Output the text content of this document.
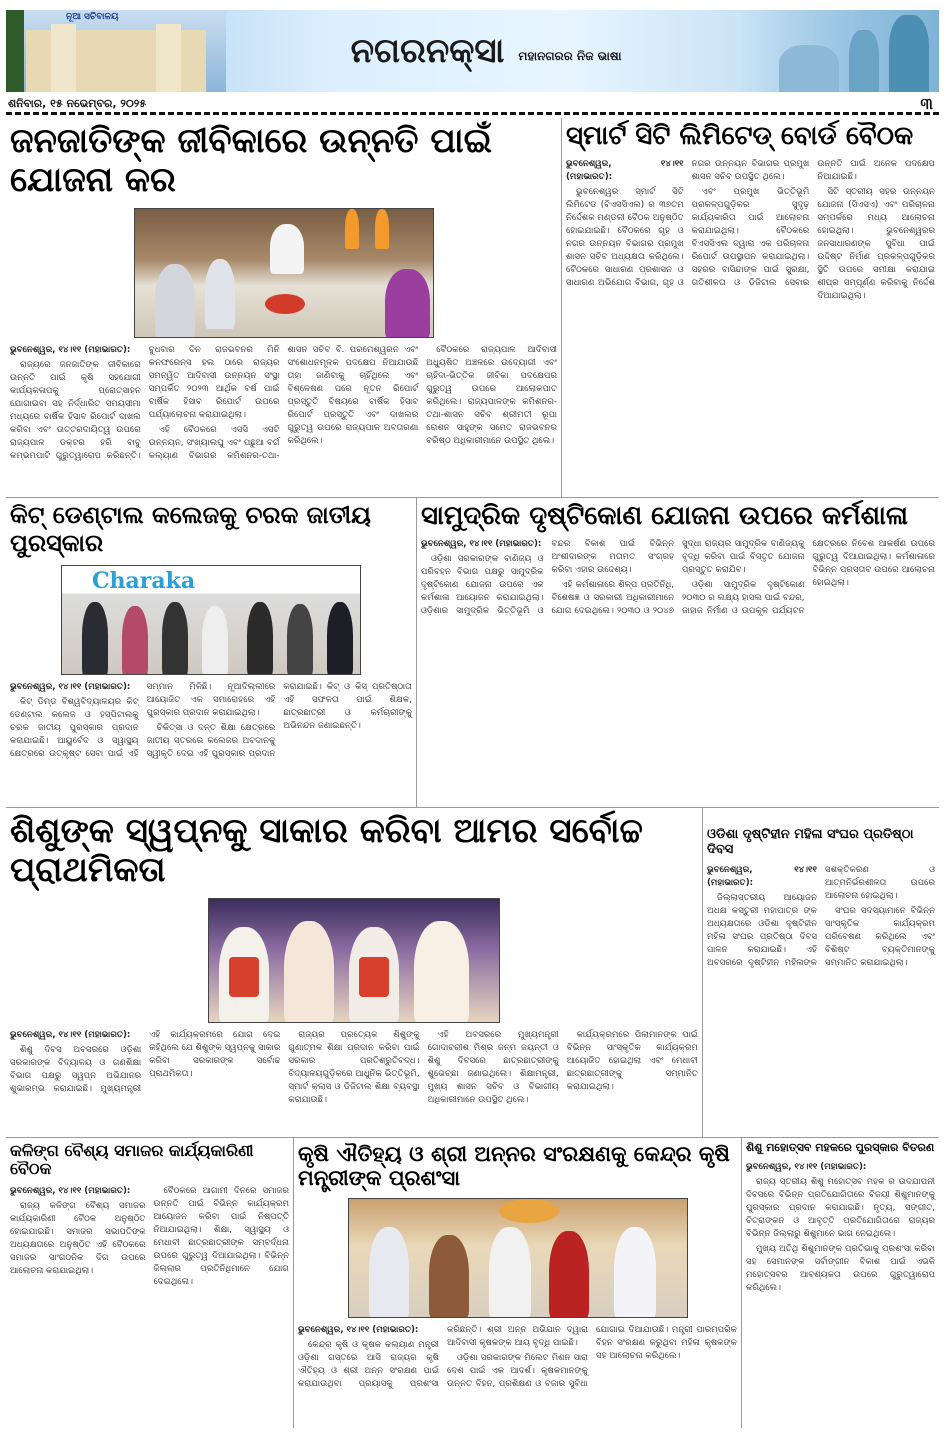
ନୂଆ ସଚିବାଳୟ
ନଗରନକ୍ସା ମହାନଗରର ନିଜ ଭାଷା
ଶନିବାର, ୧୫ ନଭେମ୍ବର, ୨୦୨୫	୩
ଜନଜାତିଙ୍କ ଜୀବିକାରେ ଉନ୍ନତି ପାଇଁ ଯୋଜନା କର

ଭୁବନେଶ୍ୱର, ୧୪।୧୧ (ମହାଭାରତ):

ରାଜ୍ୟରେ ଜନଜାତିଙ୍କ ଜୀବିକାରେ ଉନ୍ନତି ପାଇଁ କୃଷି ସହଯୋଗୀ କାର୍ଯ୍ୟକଳାପକୁ ପ୍ରୋତ୍ସାହନ ଯୋଗାଇବା ସହ ନିର୍ଦ୍ଧାରିତ ସମୟସୀମା ମଧ୍ୟରେ ବାର୍ଷିକ ହିସାବ ରିପୋର୍ଟ ଦାଖଲ କରିବା ଏବଂ ଉତ୍ତରଦାୟିତ୍ୱ ଉପରେ ରାଜ୍ୟପାଳ ଡକ୍ଟର ହରି ବାବୁ କମ୍ଭମପାଟି ଗୁରୁତ୍ୱାରୋପ କରିଛନ୍ତି। ବୁଧବାର ଦିନ ରାଜଭବନର ମିନି କନଫରେନ୍ସ ହଲ ଠାରେ ରାଜ୍ୟର ସମନ୍ୱିତ ଆଦିବାସୀ ଉନ୍ନୟନ ସଂସ୍ଥା ସମ୍ପର୍କିତ ୨୦୨୩ ଆର୍ଥିକ ବର୍ଷ ପାଇଁ ବାର୍ଷିକ ହିସାବ ରିପୋର୍ଟ ଉପରେ ପର୍ଯ୍ୟାଲୋଚନା କରାଯାଇଥିଲା।

ଏହି ବୈଠକରେ ଏସସି ଏସଟି ଉନ୍ନୟନ, ସଂଖ୍ୟାଲଘୁ ଏବଂ ପଛୁଆ ବର୍ଗ କଲ୍ୟାଣ ବିଭାଗର କମିଶନର-ତଥା-ଶାସନ ସଚିବ ବି. ପରମେଶ୍ୱରନ ଏବଂ ସଂଶୋଧନମୂଳକ ପଦକ୍ଷେପ ନିଆଯାଉଛି ତାହା ଜାଣିବାକୁ ଚାହିଁଥିଲେ ଏବଂ ବିଶ୍ଳେଷଣ ପରେ ନୂତନ ରିପୋର୍ଟ ପ୍ରସ୍ତୁତି ବିଷୟରେ ବାର୍ଷିକ ହିସାବ ରିପୋର୍ଟ ପ୍ରସ୍ତୁତି ଏବଂ ଦାଖଲର ଗୁରୁତ୍ୱ ଉପରେ ରାଜ୍ୟପାଳ ଅବତାରଣା କରିଥିଲେ।

ବୈଠକରେ ରାଜ୍ୟପାଳ ଆଦିବାସୀ ଅଧ୍ୟୁଷିତ ଅଞ୍ଚଳରେ ଉଦ୍ୟୋଗୀ ଏବଂ ଚାହିଦା-ଭିତ୍ତିକ ଜୀବିକା ପଦକ୍ଷେପର ଗୁରୁତ୍ୱ ଉପରେ ଆଲୋକପାତ କରିଥିଲେ। ରାଜ୍ୟପାଳଙ୍କ କମିଶନର-ତଥା-ଶାସନ ସଚିବ ଶ୍ରୀମତୀ ରୂପା ରୋଶନ ସାହୁଙ୍କ ସମେତ ରାଜଭବନର ବରିଷ୍ଠ ଅଧିକାରୀମାନେ ଉପସ୍ଥିତ ଥିଲେ।

ସ୍ମାର୍ଟ ସିଟି ଲିମିଟେଡ୍ ବୋର୍ଡ ବୈଠକ

ଭୁବନେଶ୍ୱର, ୧୪।୧୧ (ମହାଭାରତ):

ଭୁବନେଶ୍ୱର ସ୍ମାର୍ଟ ସିଟି ଲିମିଟେଡ (ବିଏସସିଏଲ) ର ୩୭ତମ ନିର୍ଦ୍ଦେଶକ ମଣ୍ଡଳୀ ବୈଠକ ଅନୁଷ୍ଠିତ ହୋଇଯାଇଛି। ବୈଠକରେ ଗୃହ ଓ ନଗର ଉନ୍ନୟନ ବିଭାଗର ପ୍ରମୁଖ ଶାସନ ସଚିବ ଅଧ୍ୟକ୍ଷତା କରିଥିଲେ। ବୈଠକରେ ସାଧାରଣ ପ୍ରଶାସନ ଓ ସାଧାରଣ ଅଭିଯୋଗ ବିଭାଗ, ଗୃହ ଓ ନଗର ଉନ୍ନୟନ ବିଭାଗର ପ୍ରମୁଖ ଶାସନ ସଚିବ ଉପସ୍ଥିତ ଥିଲେ।

ଏବଂ ପ୍ରମୁଖ ଭିତ୍ତିଭୂମି ପ୍ରକଳ୍ପଗୁଡ଼ିକର ସୁଦୃଢ଼ କାର୍ଯ୍ୟକାରିତା ପାଇଁ ଆଲୋଚନା କରାଯାଇଥିଲା। ବୈଠକରେ ବିଏସସିଏଲ ଦ୍ୱାରା ଏକ ପରିଚାଳନା ରିପୋର୍ଟ ଉପସ୍ଥାପନ କରାଯାଇଥିଲା। ସହରର ବାସିନ୍ଦାଙ୍କ ପାଇଁ ସୁରକ୍ଷା, ଗତିଶୀଳତା ଓ ଡିଜିଟାଲ ସେବାର ଉନ୍ନତି ପାଇଁ ଅନେକ ପଦକ୍ଷେପ ନିଆଯାଇଛି।

ସିଟି ସ୍ତରୀୟ ସହର ଉନ୍ନୟନ ଯୋଜନା (ସିଏସଏ) ଏବଂ ପରିଚାଳନା ସମ୍ପର୍କରେ ମଧ୍ୟ ଆଲୋଚନା ହୋଇଥିଲା। ଭୁବନେଶ୍ୱରର ଜନସାଧାରଣଙ୍କ ସୁବିଧା ପାଇଁ ଉଦ୍ଦିଷ୍ଟ ନିର୍ମାଣ ପ୍ରକଳ୍ପଗୁଡ଼ିକର ସ୍ଥିତି ଉପରେ ସମୀକ୍ଷା କରାଯାଇ ଶୀଘ୍ର ସମ୍ପୂର୍ଣ୍ଣ କରିବାକୁ ନିର୍ଦ୍ଦେଶ ଦିଆଯାଇଥିଲା।

କିଟ୍ ଡେଣ୍ଟାଲ କଲେଜକୁ ଚରକ ଜାତୀୟ ପୁରସ୍କାର
Charaka

ଭୁବନେଶ୍ୱର, ୧୪।୧୧ (ମହାଭାରତ):

କିଟ୍ ଡିମ୍ଡ ବିଶ୍ୱବିଦ୍ୟାଳୟର କିଟ୍ ଡେଣ୍ଟାଲ କଲେଜ ଓ ହସ୍ପିଟାଲକୁ ଚରକ ଜାତୀୟ ପୁରସ୍କାର ପ୍ରଦାନ କରାଯାଇଛି। ଆୟୁର୍ବେଦ ଓ ସ୍ୱାସ୍ଥ୍ୟ କ୍ଷେତ୍ରରେ ଉତ୍କୃଷ୍ଟ ସେବା ପାଇଁ ଏହି ସମ୍ମାନ ମିଳିଛି। ନୂଆଦିଲ୍ଲୀରେ ଆୟୋଜିତ ଏକ ସମାରୋହରେ ଏହି ପୁରସ୍କାର ପ୍ରଦାନ କରାଯାଇଥିଲା।

ଚିକିତ୍ସା ଓ ଦନ୍ତ ଶିକ୍ଷା କ୍ଷେତ୍ରରେ ଜାତୀୟ ସ୍ତରରେ କଲେଜର ଅବଦାନକୁ ସ୍ୱୀକୃତି ଦେଇ ଏହି ପୁରସ୍କାର ପ୍ରଦାନ କରାଯାଇଛି। କିଟ୍ ଓ କିସ୍ ପ୍ରତିଷ୍ଠାତା ଏହି ସଫଳତା ପାଇଁ ଶିକ୍ଷକ, ଛାତ୍ରଛାତ୍ରୀ ଓ କର୍ମଚାରୀଙ୍କୁ ଅଭିନନ୍ଦନ ଜଣାଇଛନ୍ତି।

ସାମୁଦ୍ରିକ ଦୃଷ୍ଟିକୋଣ ଯୋଜନା ଉପରେ କର୍ମଶାଳା

ଭୁବନେଶ୍ୱର, ୧୪।୧୧ (ମହାଭାରତ):

ଓଡ଼ିଶା ସରକାରଙ୍କ ବାଣିଜ୍ୟ ଓ ପରିବହନ ବିଭାଗ ପକ୍ଷରୁ ସାମୁଦ୍ରିକ ଦୃଷ୍ଟିକୋଣ ଯୋଜନା ଉପରେ ଏକ କର୍ମଶାଳା ଆୟୋଜନ କରାଯାଇଥିଲା। ଓଡ଼ିଶାର ସାମୁଦ୍ରିକ ଭିତ୍ତିଭୂମି ଓ ବନ୍ଦର ବିକାଶ ପାଇଁ ବିଭିନ୍ନ ଅଂଶୀଦାରଙ୍କ ମତାମତ ସଂଗ୍ରହ କରିବା ଏହାର ଉଦ୍ଦେଶ୍ୟ।

ଏହି କର୍ମଶାଳାରେ ଶିଳ୍ପ ପ୍ରତିନିଧି, ବିଶେଷଜ୍ଞ ଓ ସରକାରୀ ଅଧିକାରୀମାନେ ଯୋଗ ଦେଇଥିଲେ। ୨୦୩୦ ଓ ୨୦୪୭ ସୁଦ୍ଧା ରାଜ୍ୟର ସାମୁଦ୍ରିକ ବାଣିଜ୍ୟକୁ ବୃଦ୍ଧି କରିବା ପାଇଁ ବିସ୍ତୃତ ଯୋଜନା ପ୍ରସ୍ତୁତ କରାଯିବ।

ଓଡ଼ିଶା ସାମୁଦ୍ରିକ ଦୃଷ୍ଟିକୋଣ ୨୦୩୦ ର ଲକ୍ଷ୍ୟ ହାସଲ ପାଇଁ ବନ୍ଦର, ଜାହାଜ ନିର୍ମାଣ ଓ ଉପକୂଳ ପର୍ଯ୍ୟଟନ କ୍ଷେତ୍ରରେ ନିବେଶ ଆକର୍ଷଣ ଉପରେ ଗୁରୁତ୍ୱ ଦିଆଯାଇଥିଲା। କର୍ମଶାଳାରେ ବିଭିନ୍ନ ପ୍ରସ୍ତାବ ଉପରେ ଆଲୋଚନା ହୋଇଥିଲା।

ଶିଶୁଙ୍କ ସ୍ୱପ୍ନକୁ ସାକାର କରିବା ଆମର ସର୍ବୋଚ୍ଚ ପ୍ରାଥମିକତା

ଭୁବନେଶ୍ୱର, ୧୪।୧୧ (ମହାଭାରତ):

ଶିଶୁ ଦିବସ ଅବସରରେ ଓଡ଼ିଶା ସରକାରଙ୍କ ବିଦ୍ୟାଳୟ ଓ ଗଣଶିକ୍ଷା ବିଭାଗ ପକ୍ଷରୁ ସ୍ୱପ୍ନ ଅଭିଯାନର ଶୁଭାରମ୍ଭ କରାଯାଇଛି। ମୁଖ୍ୟମନ୍ତ୍ରୀ ଏହି କାର୍ଯ୍ୟକ୍ରମରେ ଯୋଗ ଦେଇ କହିଥିଲେ ଯେ ଶିଶୁଙ୍କ ସ୍ୱପ୍ନକୁ ସାକାର କରିବା ସରକାରଙ୍କ ସର୍ବୋଚ୍ଚ ପ୍ରାଥମିକତା।

ରାଜ୍ୟର ପ୍ରତ୍ୟେକ ଶିଶୁଙ୍କୁ ଗୁଣାତ୍ମକ ଶିକ୍ଷା ପ୍ରଦାନ କରିବା ପାଇଁ ସରକାର ପ୍ରତିଶ୍ରୁତିବଦ୍ଧ। ବିଦ୍ୟାଳୟଗୁଡ଼ିକରେ ଆଧୁନିକ ଭିତ୍ତିଭୂମି, ସ୍ମାର୍ଟ କ୍ଲାସ ଓ ଡିଜିଟାଲ ଶିକ୍ଷା ବ୍ୟବସ୍ଥା କରାଯାଉଛି।

ଏହି ଅବସରରେ ମୁଖ୍ୟମନ୍ତ୍ରୀ ଗୋଦାବରୀଶ ମିଶ୍ର ଜନ୍ମ ଜୟନ୍ତୀ ଓ ଶିଶୁ ଦିବସରେ ଛାତ୍ରଛାତ୍ରୀଙ୍କୁ ଶୁଭେଚ୍ଛା ଜଣାଇଥିଲେ। ଶିକ୍ଷାମନ୍ତ୍ରୀ, ମୁଖ୍ୟ ଶାସନ ସଚିବ ଓ ବିଭାଗୀୟ ଅଧିକାରୀମାନେ ଉପସ୍ଥିତ ଥିଲେ।

କାର୍ଯ୍ୟକ୍ରମରେ ପିଲାମାନଙ୍କ ପାଇଁ ବିଭିନ୍ନ ସାଂସ୍କୃତିକ କାର୍ଯ୍ୟକ୍ରମ ଆୟୋଜିତ ହୋଇଥିଲା ଏବଂ ମେଧାବୀ ଛାତ୍ରଛାତ୍ରୀଙ୍କୁ ସମ୍ମାନିତ କରାଯାଇଥିଲା।

ଓଡିଶା ଦୃଷ୍ଟିହୀନ ମହିଳା ସଂଘର ପ୍ରତିଷ୍ଠା ଦିବସ

ଭୁବନେଶ୍ୱର, ୧୪।୧୧ (ମହାଭାରତ):

ଜିଲ୍ଲାସ୍ତରୀୟ ଆୟୋଜନ ଅଧକ୍ଷ କସ୍ତୁରୀ ମହାପାତ୍ର ଙ୍କ ଅଧ୍ୟକ୍ଷତାରେ ଓଡିଶା ଦୃଷ୍ଟିହୀନ ମହିଳା ସଂଘର ପ୍ରତିଷ୍ଠା ଦିବସ ପାଳନ କରାଯାଇଛି। ଏହି ଅବସରରେ ଦୃଷ୍ଟିହୀନ ମହିଳାଙ୍କ ସଶକ୍ତିକରଣ ଓ ଆତ୍ମନିର୍ଭରଶୀଳତା ଉପରେ ଆଲୋଚନା ହୋଇଥିଲା।

ସଂଘର ସଦସ୍ୟାମାନେ ବିଭିନ୍ନ ସାଂସ୍କୃତିକ କାର୍ଯ୍ୟକ୍ରମ ପରିବେଷଣ କରିଥିଲେ ଏବଂ ବିଶିଷ୍ଟ ବ୍ୟକ୍ତିମାନଙ୍କୁ ସମ୍ମାନିତ କରାଯାଇଥିଲା।

କଳିଙ୍ଗ ବୈଶ୍ୟ ସମାଜର କାର୍ଯ୍ୟକାରିଣୀ ବୈଠକ

ଭୁବନେଶ୍ୱର, ୧୪।୧୧ (ମହାଭାରତ):

ରାଜ୍ୟ କଳିଙ୍ଗ ବୈଶ୍ୟ ସମାଜର କାର୍ଯ୍ୟକାରିଣୀ ବୈଠକ ଅନୁଷ୍ଠିତ ହୋଇଯାଇଛି। ସମାଜର ସଭାପତିଙ୍କ ଅଧ୍ୟକ୍ଷତାରେ ଅନୁଷ୍ଠିତ ଏହି ବୈଠକରେ ସମାଜର ସାଂଗଠନିକ ଦିଗ ଉପରେ ଆଲୋଚନା କରାଯାଇଥିଲା।

ବୈଠକରେ ଆଗାମୀ ଦିନରେ ସମାଜର ଉନ୍ନତି ପାଇଁ ବିଭିନ୍ନ କାର୍ଯ୍ୟକ୍ରମ ଆୟୋଜନ କରିବା ପାଇଁ ନିଷ୍ପତ୍ତି ନିଆଯାଇଥିଲା। ଶିକ୍ଷା, ସ୍ୱାସ୍ଥ୍ୟ ଓ ମେଧାବୀ ଛାତ୍ରଛାତ୍ରୀଙ୍କ ସମ୍ବର୍ଦ୍ଧନା ଉପରେ ଗୁରୁତ୍ୱ ଦିଆଯାଇଥିଲା। ବିଭିନ୍ନ ଜିଲ୍ଲାର ପ୍ରତିନିଧିମାନେ ଯୋଗ ଦେଇଥିଲେ।

କୃଷି ଐତିହ୍ୟ ଓ ଶ୍ରୀ ଅନ୍ନର ସଂରକ୍ଷଣକୁ କେନ୍ଦ୍ର କୃଷି ମନ୍ତ୍ରୀଙ୍କ ପ୍ରଶଂସା

ଭୁବନେଶ୍ୱର, ୧୪।୧୧ (ମହାଭାରତ):

କେନ୍ଦ୍ର କୃଷି ଓ କୃଷକ କଲ୍ୟାଣ ମନ୍ତ୍ରୀ ଓଡ଼ିଶା ଗସ୍ତରେ ଆସି ରାଜ୍ୟର କୃଷି ଐତିହ୍ୟ ଓ ଶ୍ରୀ ଅନ୍ନ ସଂରକ୍ଷଣ ପାଇଁ କରାଯାଉଥିବା ପ୍ରୟାସକୁ ପ୍ରଶଂସା କରିଛନ୍ତି। ଶ୍ରୀ ଅନ୍ନ ଅଭିଯାନ ଦ୍ୱାରା ଆଦିବାସୀ କୃଷକଙ୍କ ଆୟ ବୃଦ୍ଧି ପାଇଛି।

ଓଡ଼ିଶା ସରକାରଙ୍କ ମିଲେଟ ମିଶନ ସାରା ଦେଶ ପାଇଁ ଏକ ଆଦର୍ଶ। କୃଷକମାନଙ୍କୁ ଉନ୍ନତ ବିହନ, ପ୍ରଶିକ୍ଷଣ ଓ ବଜାର ସୁବିଧା ଯୋଗାଇ ଦିଆଯାଉଛି। ମନ୍ତ୍ରୀ ପାରମ୍ପରିକ ବିହନ ସଂରକ୍ଷଣ କରୁଥିବା ମହିଳା କୃଷକଙ୍କ ସହ ଆଲୋଚନା କରିଥିଲେ।

ଶିଶୁ ମହୋତ୍ସବ ମହକରେ ପୁରସ୍କାର ବିତରଣ

ଭୁବନେଶ୍ୱର, ୧୪।୧୧ (ମହାଭାରତ):

ରାଜ୍ୟ ସ୍ତରୀୟ ଶିଶୁ ମହୋତ୍ସବ ମହକ ର ଉଦଯାପନୀ ଦିବସରେ ବିଭିନ୍ନ ପ୍ରତିଯୋଗିତାରେ ବିଜୟୀ ଶିଶୁମାନଙ୍କୁ ପୁରସ୍କାର ପ୍ରଦାନ କରାଯାଇଛି। ନୃତ୍ୟ, ସଙ୍ଗୀତ, ଚିତ୍ରାଙ୍କନ ଓ ଆବୃତ୍ତି ପ୍ରତିଯୋଗିତାରେ ରାଜ୍ୟର ବିଭିନ୍ନ ଜିଲ୍ଲାରୁ ଶିଶୁମାନେ ଭାଗ ନେଇଥିଲେ।

ମୁଖ୍ୟ ଅତିଥି ଶିଶୁମାନଙ୍କ ପ୍ରତିଭାକୁ ପ୍ରଶଂସା କରିବା ସହ ସେମାନଙ୍କ ସର୍ବାଙ୍ଗୀନ ବିକାଶ ପାଇଁ ଏଭଳି ମହୋତ୍ସବର ଆବଶ୍ୟକତା ଉପରେ ଗୁରୁତ୍ୱାରୋପ କରିଥିଲେ।
